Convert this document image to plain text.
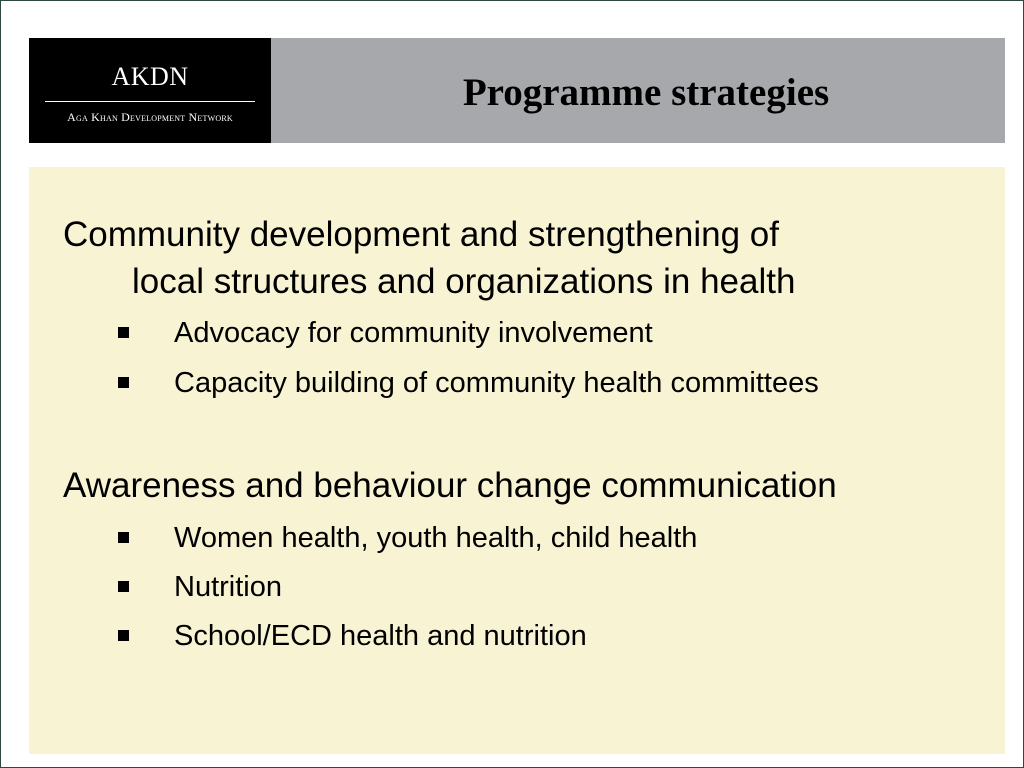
AKDN
Aga Khan Development Network
Programme strategies
Community development and strengthening of
local structures and organizations in health
Advocacy for community involvement
Capacity building of community health committees
Awareness and behaviour change communication
Women health, youth health, child health
Nutrition
School/ECD health and nutrition
